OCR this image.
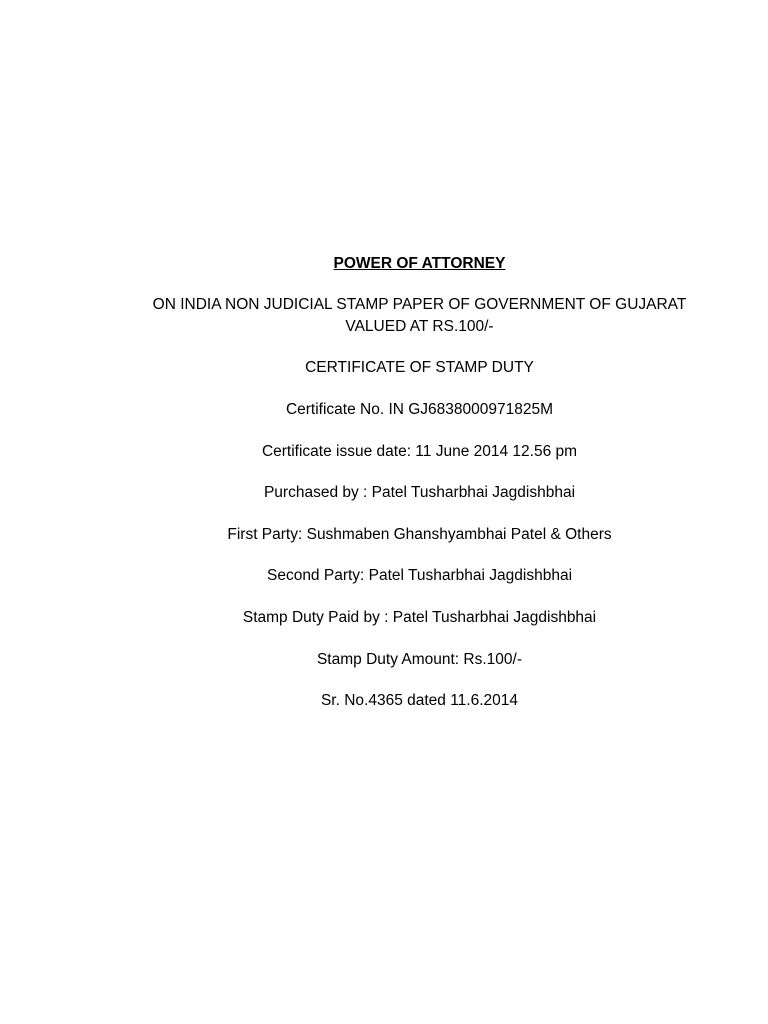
POWER OF ATTORNEY
ON INDIA NON JUDICIAL STAMP PAPER OF GOVERNMENT OF GUJARAT
VALUED AT RS.100/-
CERTIFICATE OF STAMP DUTY
Certificate No. IN GJ6838000971825M
Certificate issue date: 11 June 2014 12.56 pm
Purchased by : Patel Tusharbhai Jagdishbhai
First Party: Sushmaben Ghanshyambhai Patel & Others
Second Party: Patel Tusharbhai Jagdishbhai
Stamp Duty Paid by : Patel Tusharbhai Jagdishbhai
Stamp Duty Amount: Rs.100/-
Sr. No.4365 dated 11.6.2014
